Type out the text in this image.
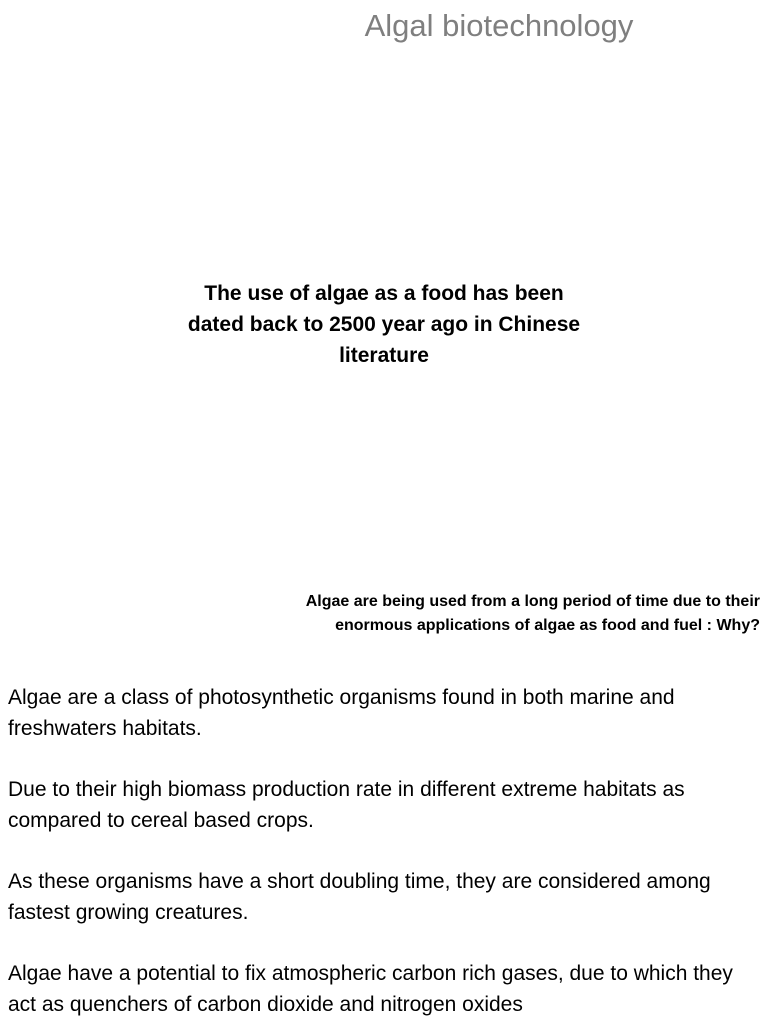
Algal biotechnology

The use of algae as a food has been dated back to 2500 year ago in Chinese literature

Algae are being used from a long period of time due to their
enormous applications of algae as food and fuel : Why?

Algae are a class of photosynthetic organisms found in both marine and freshwaters habitats.
Due to their high biomass production rate in different extreme habitats as compared to cereal based crops.
As these organisms have a short doubling time, they are considered among fastest growing creatures.
Algae have a potential to fix atmospheric carbon rich gases, due to which they act as quenchers of carbon dioxide and nitrogen oxides
